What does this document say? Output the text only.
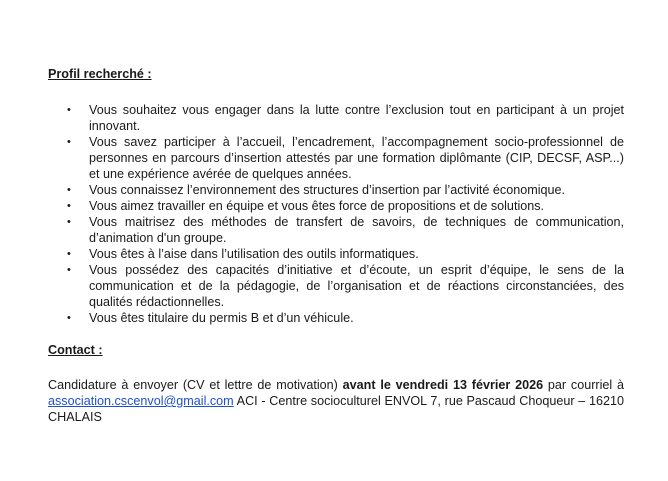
Profil recherché :

• Vous souhaitez vous engager dans la lutte contre l’exclusion tout en participant à un projet innovant.
• Vous savez participer à l’accueil, l’encadrement, l’accompagnement socio-professionnel de personnes en parcours d’insertion attestés par une formation diplômante (CIP, DECSF, ASP...) et une expérience avérée de quelques années.
• Vous connaissez l’environnement des structures d’insertion par l’activité économique.
• Vous aimez travailler en équipe et vous êtes force de propositions et de solutions.
• Vous maitrisez des méthodes de transfert de savoirs, de techniques de communication, d’animation d'un groupe.
• Vous êtes à l’aise dans l’utilisation des outils informatiques.
• Vous possédez des capacités d’initiative et d’écoute, un esprit d’équipe, le sens de la communication et de la pédagogie, de l’organisation et de réactions circonstanciées, des qualités rédactionnelles.
• Vous êtes titulaire du permis B et d’un véhicule.

Contact :

Candidature à envoyer (CV et lettre de motivation) avant le vendredi 13 février 2026 par courriel à association.cscenvol@gmail.com ACI - Centre socioculturel ENVOL 7, rue Pascaud Choqueur – 16210 CHALAIS
